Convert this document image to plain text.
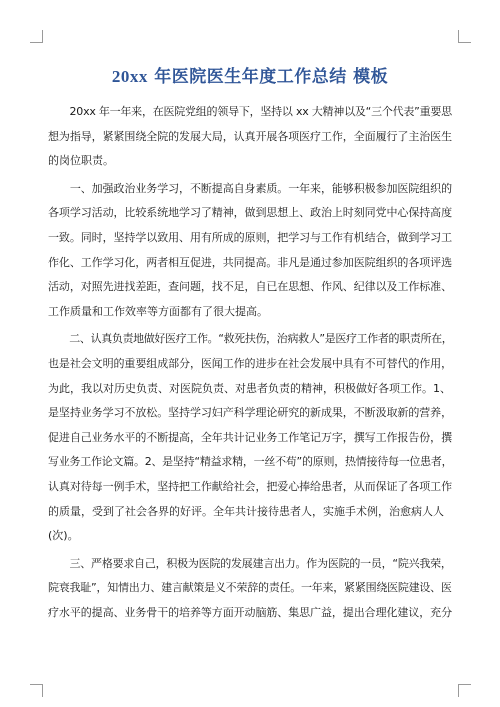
20xx 年医院医生年度工作总结 模板
　　20xx 年一年来，在医院党组的领导下，坚持以 xx 大精神以及“三个代表”重要思
想为指导，紧紧围绕全院的发展大局，认真开展各项医疗工作，全面履行了主治医生
的岗位职责。
　　一、加强政治业务学习，不断提高自身素质。一年来，能够积极参加医院组织的
各项学习活动，比较系统地学习了精神，做到思想上、政治上时刻同党中心保持高度
一致。同时，坚持学以致用、用有所成的原则，把学习与工作有机结合，做到学习工
作化、工作学习化，两者相互促进，共同提高。非凡是通过参加医院组织的各项评选
活动，对照先进找差距，查问题，找不足，自已在思想、作风、纪律以及工作标准、
工作质量和工作效率等方面都有了很大提高。
　　二、认真负责地做好医疗工作。“救死扶伤，治病救人”是医疗工作者的职责所在，
也是社会文明的重要组成部分，医闻工作的进步在社会发展中具有不可替代的作用，
为此，我以对历史负责、对医院负责、对患者负责的精神，积极做好各项工作。1、
是坚持业务学习不放松。坚持学习妇产科学理论研究的新成果，不断汲取新的营养，
促进自己业务水平的不断提高，全年共计记业务工作笔记万字，撰写工作报告份，撰
写业务工作论文篇。2、是坚持“精益求精，一丝不苟”的原则，热情接待每一位患者，
认真对待每一例手术，坚持把工作献给社会，把爱心捧给患者，从而保证了各项工作
的质量，受到了社会各界的好评。全年共计接待患者人，实施手术例，治愈病人人
(次)。
　　三、严格要求自己，积极为医院的发展建言出力。作为医院的一员，“院兴我荣，
院衰我耻”，知情出力、建言献策是义不荣辞的责任。一年来，紧紧围绕医院建设、医
疗水平的提高、业务骨干的培养等方面开动脑筋、集思广益，提出合理化建议，充分
